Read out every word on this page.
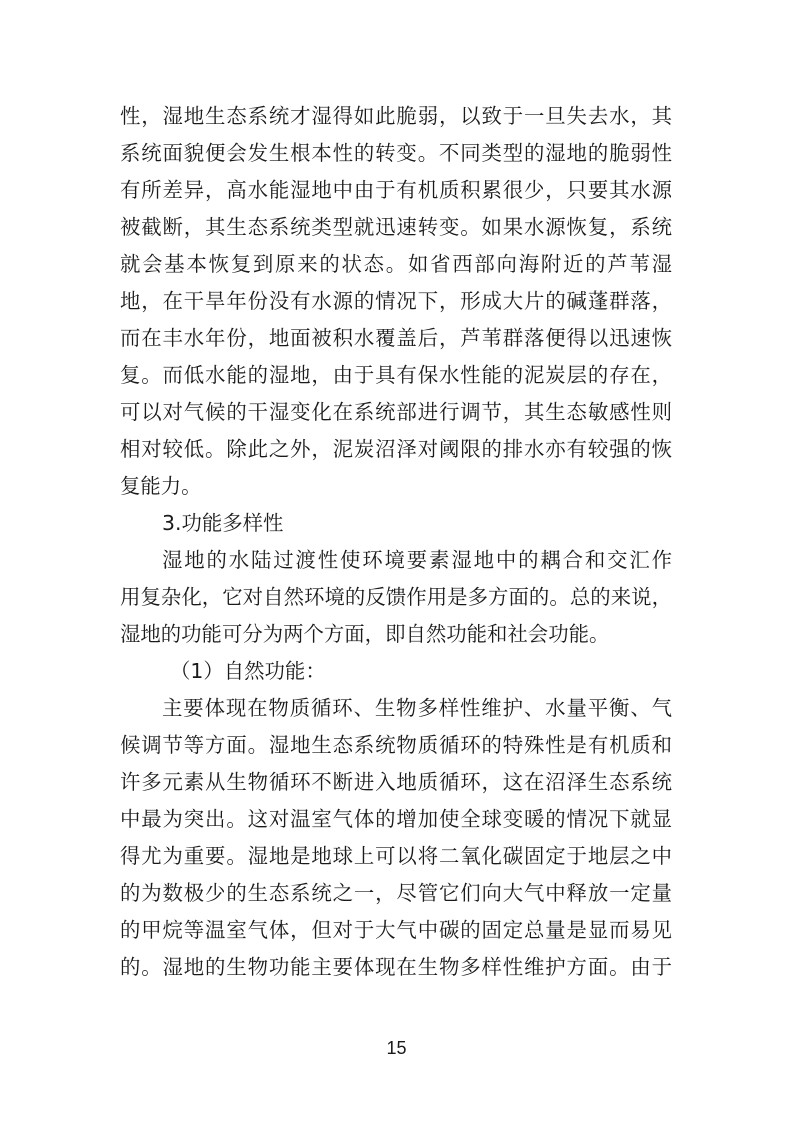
性，湿地生态系统才湿得如此脆弱，以致于一旦失去水，其
系统面貌便会发生根本性的转变。不同类型的湿地的脆弱性
有所差异，高水能湿地中由于有机质积累很少，只要其水源
被截断，其生态系统类型就迅速转变。如果水源恢复，系统
就会基本恢复到原来的状态。如省西部向海附近的芦苇湿
地，在干旱年份没有水源的情况下，形成大片的碱蓬群落，
而在丰水年份，地面被积水覆盖后，芦苇群落便得以迅速恢
复。而低水能的湿地，由于具有保水性能的泥炭层的存在，
可以对气候的干湿变化在系统部进行调节，其生态敏感性则
相对较低。除此之外，泥炭沼泽对阈限的排水亦有较强的恢
复能力。
3.功能多样性
湿地的水陆过渡性使环境要素湿地中的耦合和交汇作
用复杂化，它对自然环境的反馈作用是多方面的。总的来说，
湿地的功能可分为两个方面，即自然功能和社会功能。
（1）自然功能：
主要体现在物质循环、生物多样性维护、水量平衡、气
候调节等方面。湿地生态系统物质循环的特殊性是有机质和
许多元素从生物循环不断进入地质循环，这在沼泽生态系统
中最为突出。这对温室气体的增加使全球变暖的情况下就显
得尤为重要。湿地是地球上可以将二氧化碳固定于地层之中
的为数极少的生态系统之一，尽管它们向大气中释放一定量
的甲烷等温室气体，但对于大气中碳的固定总量是显而易见
的。湿地的生物功能主要体现在生物多样性维护方面。由于
15
